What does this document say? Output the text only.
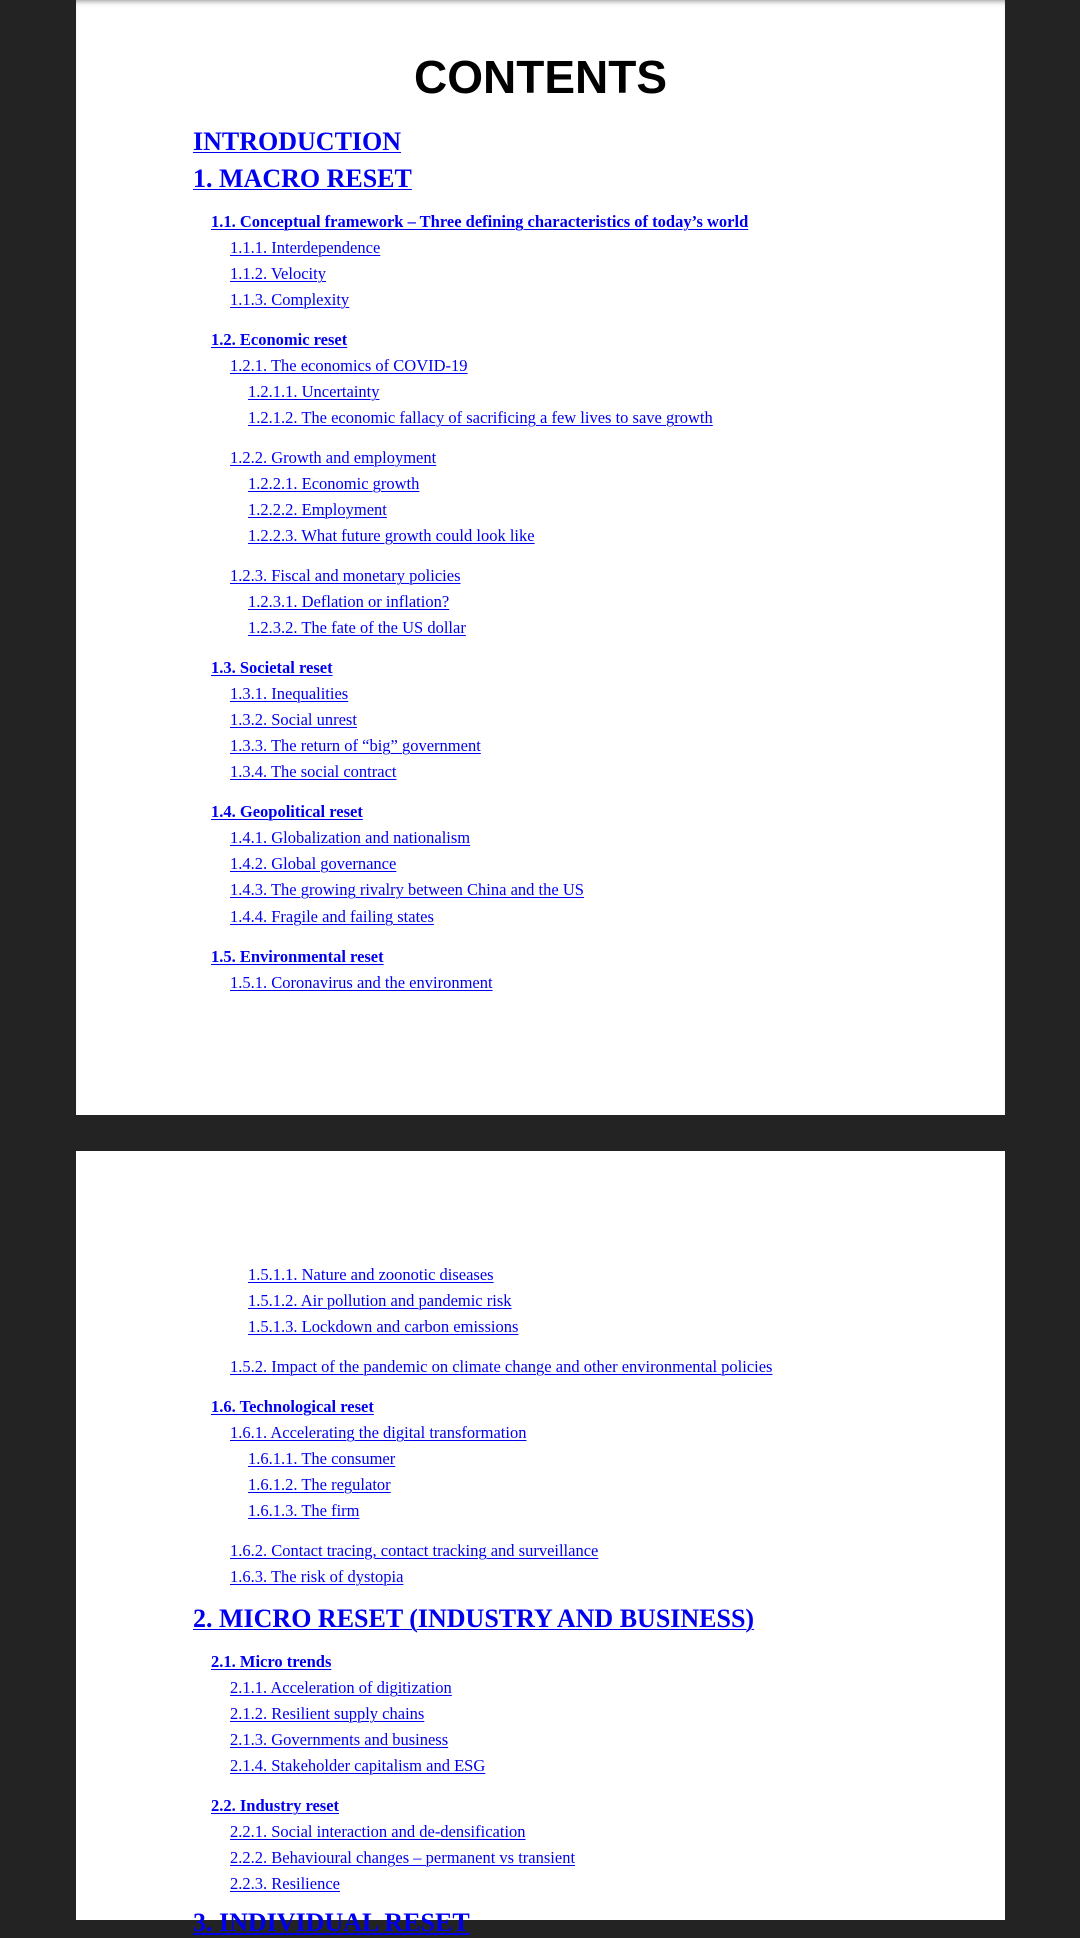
CONTENTS
INTRODUCTION
1. MACRO RESET
1.1. Conceptual framework – Three defining characteristics of today’s world
1.1.1. Interdependence
1.1.2. Velocity
1.1.3. Complexity
1.2. Economic reset
1.2.1. The economics of COVID-19
1.2.1.1. Uncertainty
1.2.1.2. The economic fallacy of sacrificing a few lives to save growth
1.2.2. Growth and employment
1.2.2.1. Economic growth
1.2.2.2. Employment
1.2.2.3. What future growth could look like
1.2.3. Fiscal and monetary policies
1.2.3.1. Deflation or inflation?
1.2.3.2. The fate of the US dollar
1.3. Societal reset
1.3.1. Inequalities
1.3.2. Social unrest
1.3.3. The return of “big” government
1.3.4. The social contract
1.4. Geopolitical reset
1.4.1. Globalization and nationalism
1.4.2. Global governance
1.4.3. The growing rivalry between China and the US
1.4.4. Fragile and failing states
1.5. Environmental reset
1.5.1. Coronavirus and the environment
1.5.1.1. Nature and zoonotic diseases
1.5.1.2. Air pollution and pandemic risk
1.5.1.3. Lockdown and carbon emissions
1.5.2. Impact of the pandemic on climate change and other environmental policies
1.6. Technological reset
1.6.1. Accelerating the digital transformation
1.6.1.1. The consumer
1.6.1.2. The regulator
1.6.1.3. The firm
1.6.2. Contact tracing, contact tracking and surveillance
1.6.3. The risk of dystopia
2. MICRO RESET (INDUSTRY AND BUSINESS)
2.1. Micro trends
2.1.1. Acceleration of digitization
2.1.2. Resilient supply chains
2.1.3. Governments and business
2.1.4. Stakeholder capitalism and ESG
2.2. Industry reset
2.2.1. Social interaction and de-densification
2.2.2. Behavioural changes – permanent vs transient
2.2.3. Resilience
3. INDIVIDUAL RESET
